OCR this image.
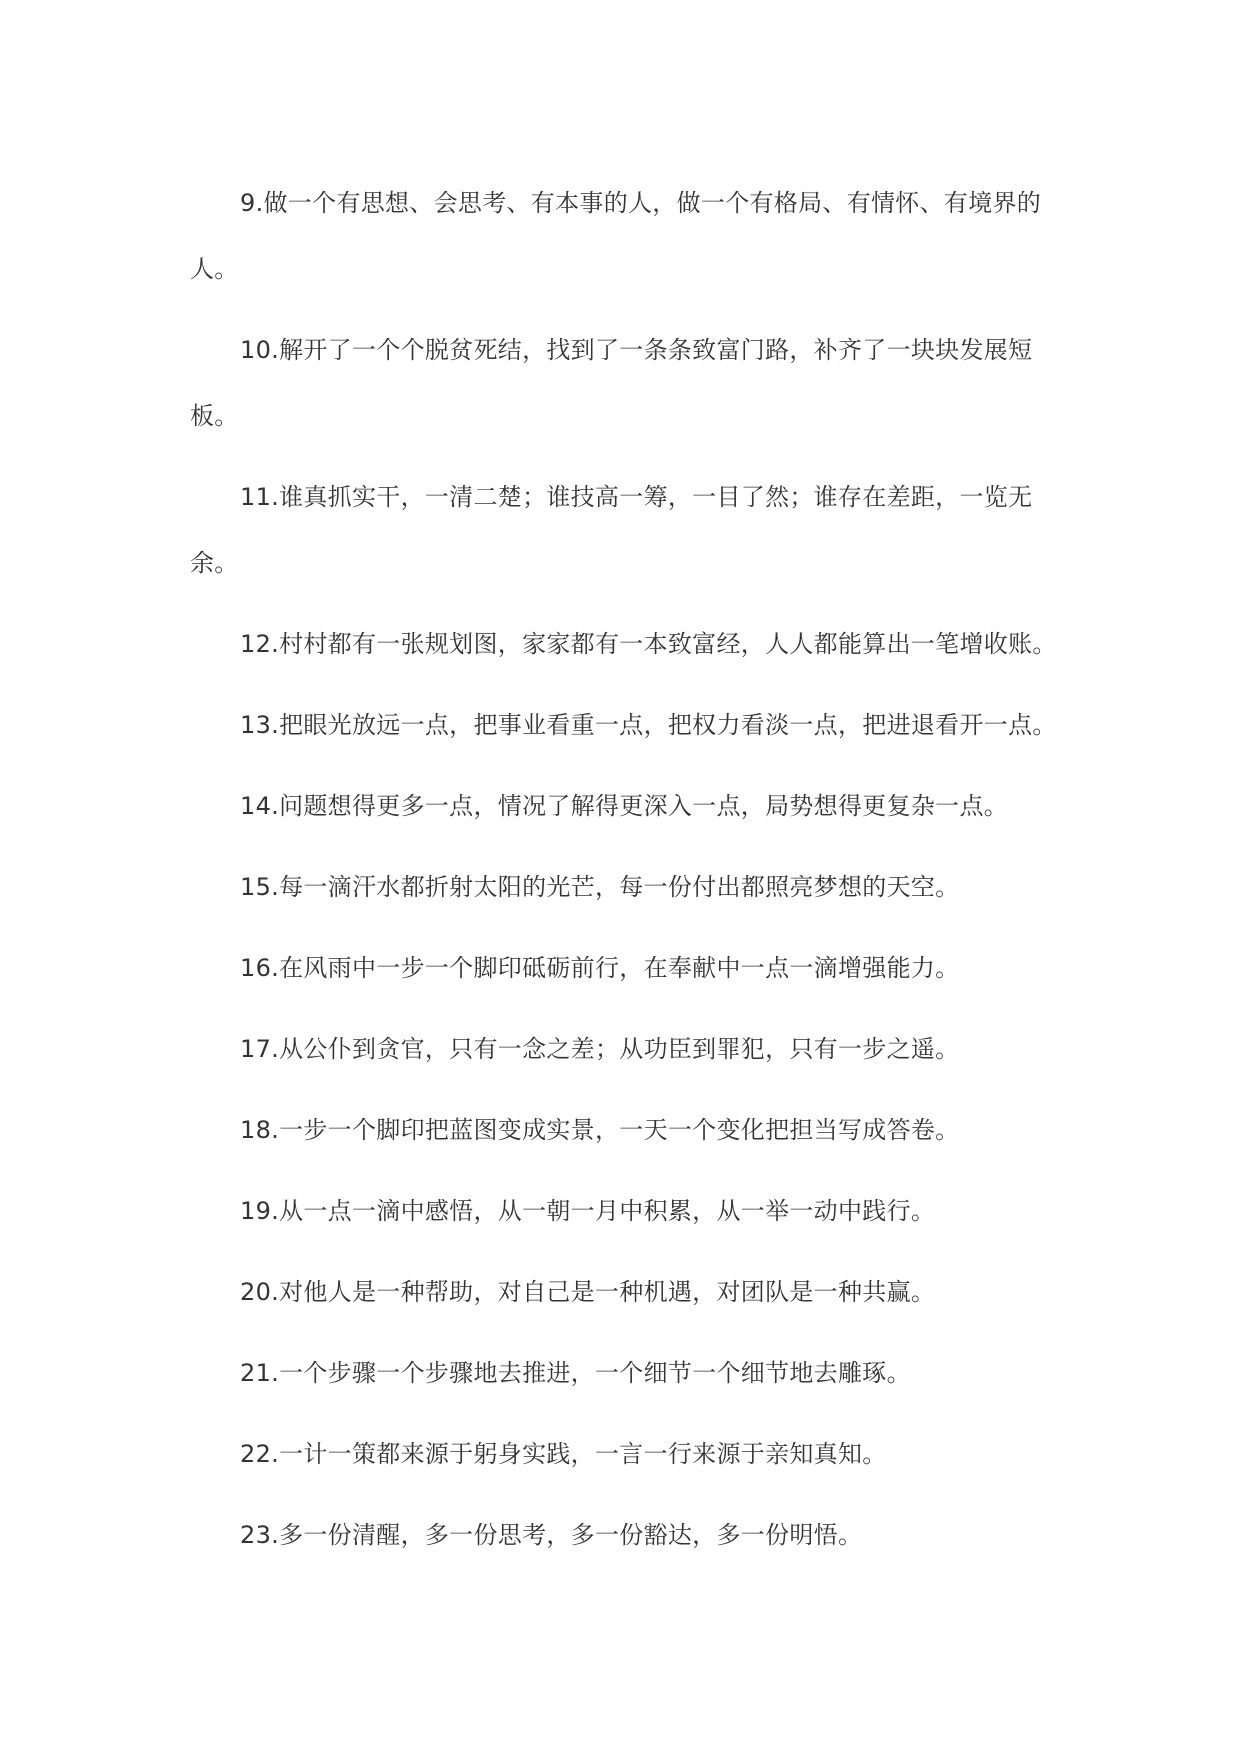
9.做一个有思想、会思考、有本事的人，做一个有格局、有情怀、有境界的人。

10.解开了一个个脱贫死结，找到了一条条致富门路，补齐了一块块发展短板。

11.谁真抓实干，一清二楚；谁技高一筹，一目了然；谁存在差距，一览无余。

12.村村都有一张规划图，家家都有一本致富经，人人都能算出一笔增收账。

13.把眼光放远一点，把事业看重一点，把权力看淡一点，把进退看开一点。

14.问题想得更多一点，情况了解得更深入一点，局势想得更复杂一点。

15.每一滴汗水都折射太阳的光芒，每一份付出都照亮梦想的天空。

16.在风雨中一步一个脚印砥砺前行，在奉献中一点一滴增强能力。

17.从公仆到贪官，只有一念之差；从功臣到罪犯，只有一步之遥。

18.一步一个脚印把蓝图变成实景，一天一个变化把担当写成答卷。

19.从一点一滴中感悟，从一朝一月中积累，从一举一动中践行。

20.对他人是一种帮助，对自己是一种机遇，对团队是一种共赢。

21.一个步骤一个步骤地去推进，一个细节一个细节地去雕琢。

22.一计一策都来源于躬身实践，一言一行来源于亲知真知。

23.多一份清醒，多一份思考，多一份豁达，多一份明悟。
